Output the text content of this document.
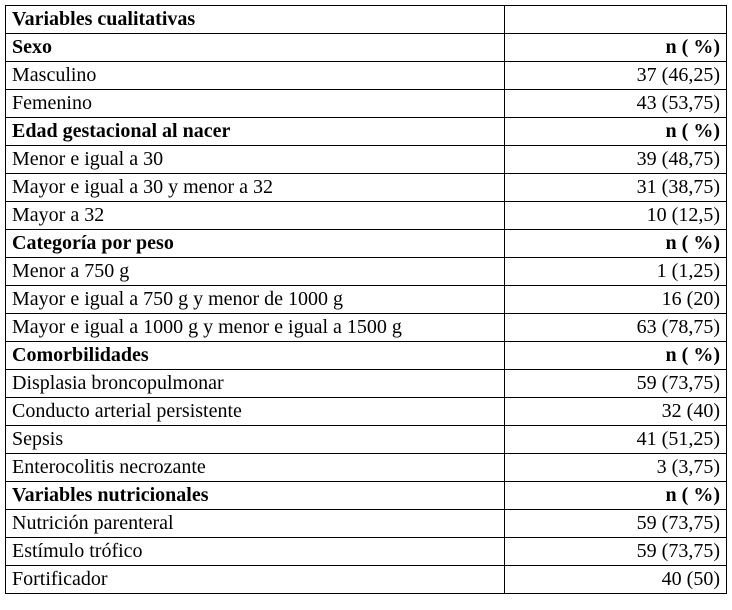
Variables cualitativas	
Sexo	n ( %)
Masculino	37 (46,25)
Femenino	43 (53,75)
Edad gestacional al nacer	n ( %)
Menor e igual a 30	39 (48,75)
Mayor e igual a 30 y menor a 32	31 (38,75)
Mayor a 32	10 (12,5)
Categoría por peso	n ( %)
Menor a 750 g	1 (1,25)
Mayor e igual a 750 g y menor de 1000 g	16 (20)
Mayor e igual a 1000 g y menor e igual a 1500 g	63 (78,75)
Comorbilidades	n ( %)
Displasia broncopulmonar	59 (73,75)
Conducto arterial persistente	32 (40)
Sepsis	41 (51,25)
Enterocolitis necrozante	3 (3,75)
Variables nutricionales	n ( %)
Nutrición parenteral	59 (73,75)
Estímulo trófico	59 (73,75)
Fortificador	40 (50)
